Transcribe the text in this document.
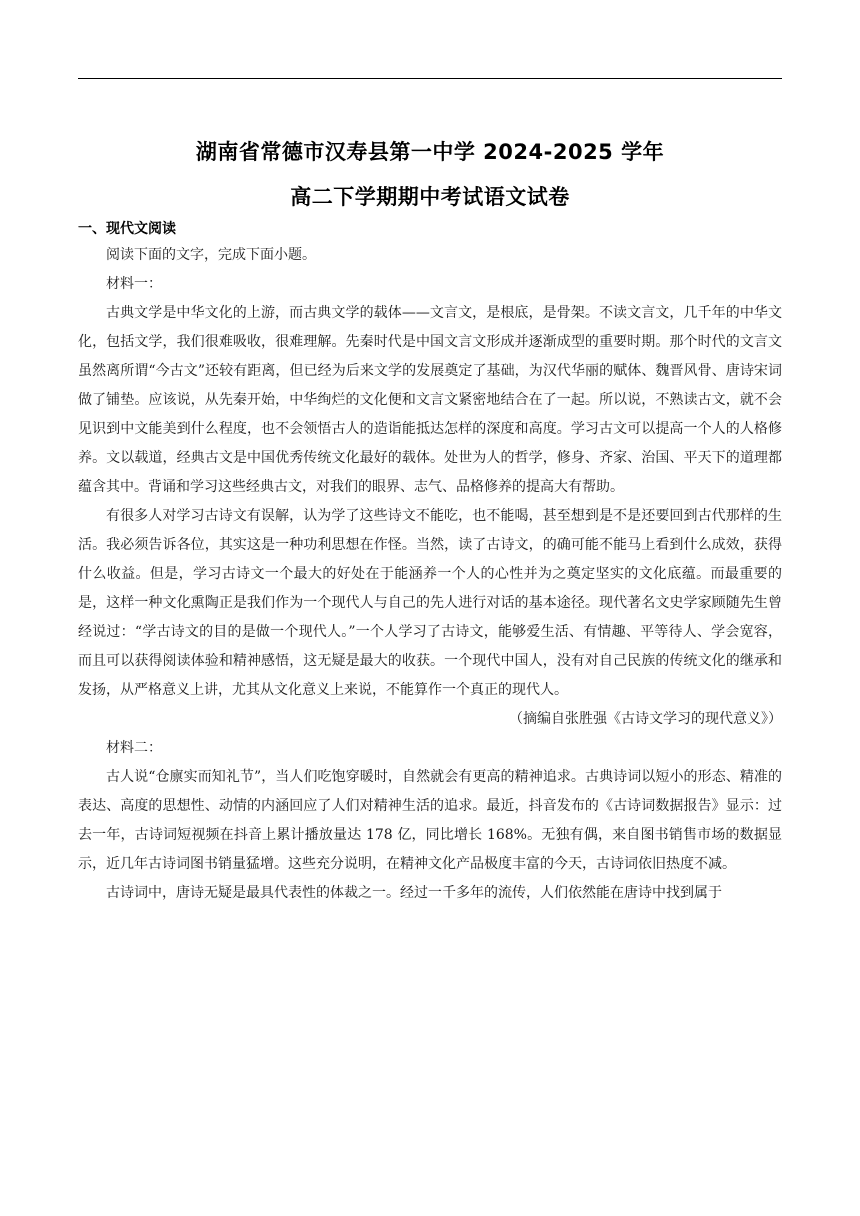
湖南省常德市汉寿县第一中学 2024-2025 学年
高二下学期期中考试语文试卷
一、现代文阅读

阅读下面的文字，完成下面小题。

材料一：

古典文学是中华文化的上游，而古典文学的载体——文言文，是根底，是骨架。不读文言文，几千年的中华文化，包括文学，我们很难吸收，很难理解。先秦时代是中国文言文形成并逐渐成型的重要时期。那个时代的文言文虽然离所谓“今古文”还较有距离，但已经为后来文学的发展奠定了基础，为汉代华丽的赋体、魏晋风骨、唐诗宋词做了铺垫。应该说，从先秦开始，中华绚烂的文化便和文言文紧密地结合在了一起。所以说，不熟读古文，就不会见识到中文能美到什么程度，也不会领悟古人的造诣能抵达怎样的深度和高度。学习古文可以提高一个人的人格修养。文以载道，经典古文是中国优秀传统文化最好的载体。处世为人的哲学，修身、齐家、治国、平天下的道理都蕴含其中。背诵和学习这些经典古文，对我们的眼界、志气、品格修养的提高大有帮助。

有很多人对学习古诗文有误解，认为学了这些诗文不能吃，也不能喝，甚至想到是不是还要回到古代那样的生活。我必须告诉各位，其实这是一种功利思想在作怪。当然，读了古诗文，的确可能不能马上看到什么成效，获得什么收益。但是，学习古诗文一个最大的好处在于能涵养一个人的心性并为之奠定坚实的文化底蕴。而最重要的是，这样一种文化熏陶正是我们作为一个现代人与自己的先人进行对话的基本途径。现代著名文史学家顾随先生曾经说过：“学古诗文的目的是做一个现代人。”一个人学习了古诗文，能够爱生活、有情趣、平等待人、学会宽容，而且可以获得阅读体验和精神感悟，这无疑是最大的收获。一个现代中国人，没有对自己民族的传统文化的继承和发扬，从严格意义上讲，尤其从文化意义上来说，不能算作一个真正的现代人。

（摘编自张胜强《古诗文学习的现代意义》）

材料二：

古人说“仓廪实而知礼节”，当人们吃饱穿暖时，自然就会有更高的精神追求。古典诗词以短小的形态、精准的表达、高度的思想性、动情的内涵回应了人们对精神生活的追求。最近，抖音发布的《古诗词数据报告》显示：过去一年，古诗词短视频在抖音上累计播放量达 178 亿，同比增长 168%。无独有偶，来自图书销售市场的数据显示，近几年古诗词图书销量猛增。这些充分说明，在精神文化产品极度丰富的今天，古诗词依旧热度不减。

古诗词中，唐诗无疑是最具代表性的体裁之一。经过一千多年的流传，人们依然能在唐诗中找到属于
